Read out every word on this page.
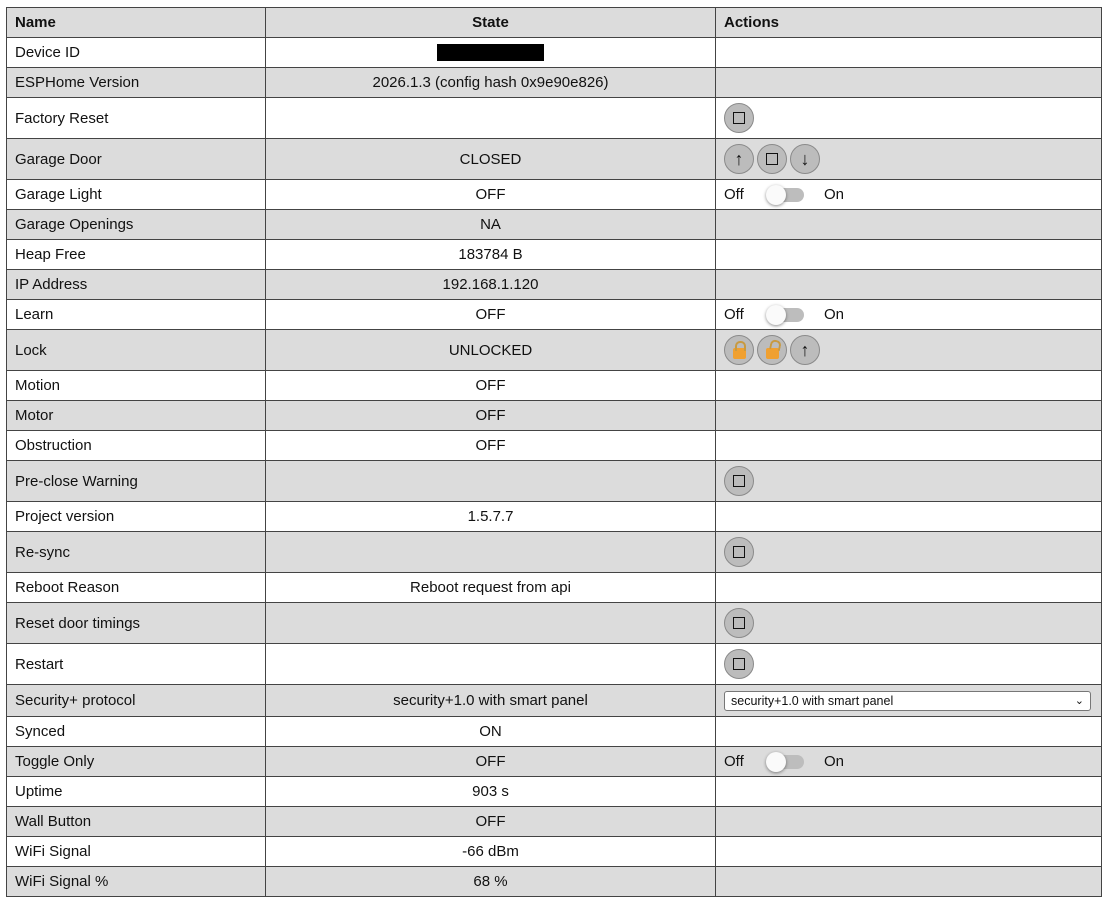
Name	State	Actions
Device ID		
ESPHome Version	2026.1.3 (config hash 0x9e90e826)	
Factory Reset		
Garage Door	CLOSED	↑ ↓
Garage Light	OFF	Off On

Garage Openings	NA	
Heap Free	183784 B	
IP Address	192.168.1.120	
Learn	OFF	Off On

Lock	UNLOCKED	↑
Motion	OFF	
Motor	OFF	
Obstruction	OFF	
Pre-close Warning		
Project version	1.5.7.7	
Re-sync		
Reboot Reason	Reboot request from api	
Reset door timings		
Restart		
Security+ protocol	security+1.0 with smart panel	security+1.0 with smart panel ⌄

Synced	ON	
Toggle Only	OFF	Off On

Uptime	903 s	
Wall Button	OFF	
WiFi Signal	-66 dBm	
WiFi Signal %	68 %	
